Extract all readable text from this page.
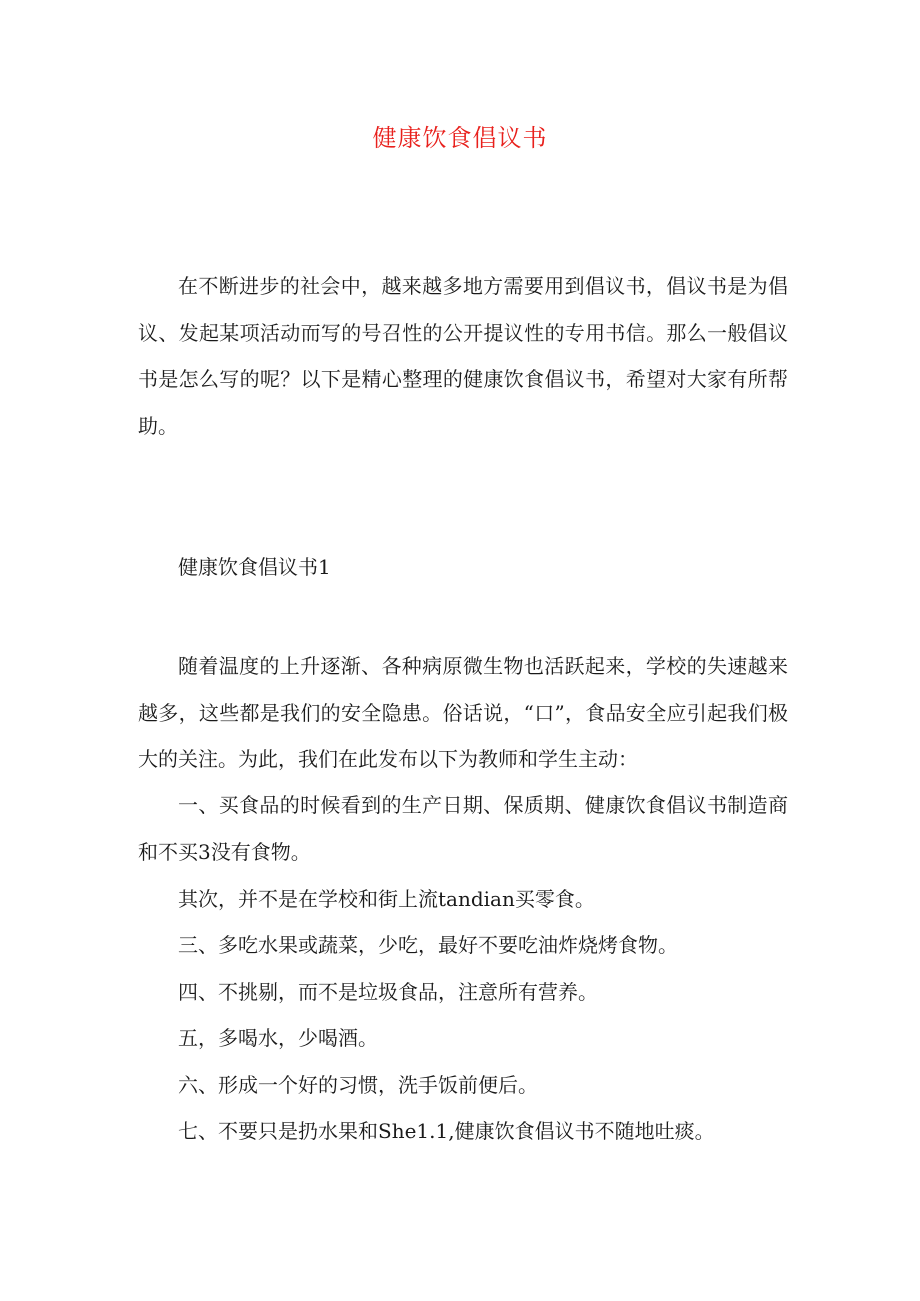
健康饮食倡议书

在不断进步的社会中，越来越多地方需要用到倡议书，倡议书是为倡议、发起某项活动而写的号召性的公开提议性的专用书信。那么一般倡议书是怎么写的呢？以下是精心整理的健康饮食倡议书，希望对大家有所帮助。

健康饮食倡议书1

随着温度的上升逐渐、各种病原微生物也活跃起来，学校的失速越来越多，这些都是我们的安全隐患。俗话说，“口”，食品安全应引起我们极大的关注。为此，我们在此发布以下为教师和学生主动：

一、买食品的时候看到的生产日期、保质期、健康饮食倡议书制造商和不买3没有食物。

其次，并不是在学校和街上流tandian买零食。

三、多吃水果或蔬菜，少吃，最好不要吃油炸烧烤食物。

四、不挑剔，而不是垃圾食品，注意所有营养。

五，多喝水，少喝酒。

六、形成一个好的习惯，洗手饭前便后。

七、不要只是扔水果和She1.1,健康饮食倡议书不随地吐痰。
